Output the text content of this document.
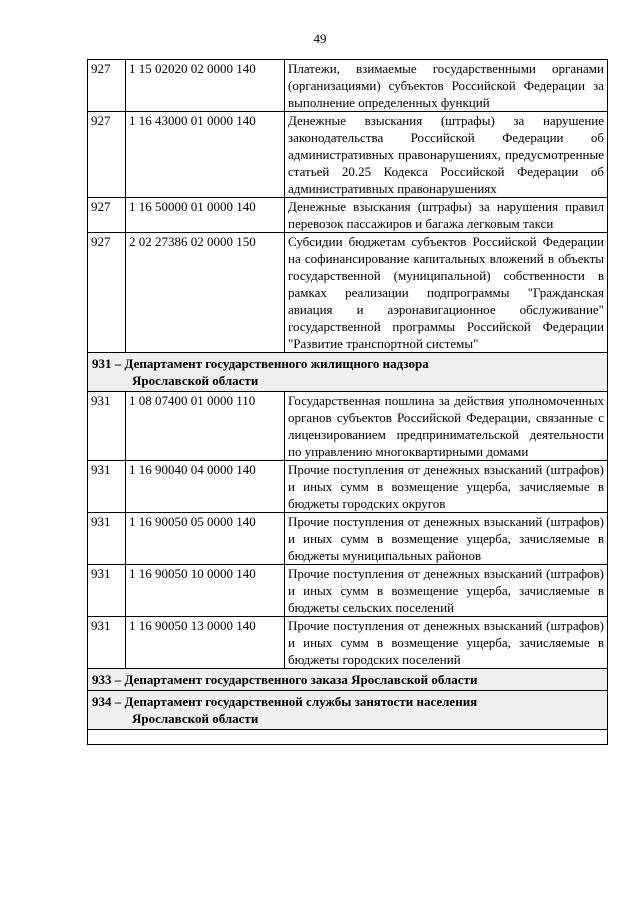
49
927	1 15 02020 02 0000 140	Платежи, взимаемые государственными органами (организациями) субъектов Российской Федерации за выполнение определенных функций
927	1 16 43000 01 0000 140	Денежные взыскания (штрафы) за нарушение законодательства Российской Федерации об административных правонарушениях, предусмотренные статьей 20.25 Кодекса Российской Федерации об административных правонарушениях
927	1 16 50000 01 0000 140	Денежные взыскания (штрафы) за нарушения правил перевозок пассажиров и багажа легковым такси
927	2 02 27386 02 0000 150	Субсидии бюджетам субъектов Российской Федерации на софинансирование капитальных вложений в объекты государственной (муниципальной) собственности в рамках реализации подпрограммы "Гражданская авиация и аэронавигационное обслуживание" государственной программы Российской Федерации "Развитие транспортной системы"
931 – Департамент государственного жилищного надзора
Ярославской области		

931	1 08 07400 01 0000 110	Государственная пошлина за действия уполномоченных органов субъектов Российской Федерации, связанные с лицензированием предпринимательской деятельности по управлению многоквартирными домами
931	1 16 90040 04 0000 140	Прочие поступления от денежных взысканий (штрафов) и иных сумм в возмещение ущерба, зачисляемые в бюджеты городских округов
931	1 16 90050 05 0000 140	Прочие поступления от денежных взысканий (штрафов) и иных сумм в возмещение ущерба, зачисляемые в бюджеты муниципальных районов
931	1 16 90050 10 0000 140	Прочие поступления от денежных взысканий (штрафов) и иных сумм в возмещение ущерба, зачисляемые в бюджеты сельских поселений
931	1 16 90050 13 0000 140	Прочие поступления от денежных взысканий (штрафов) и иных сумм в возмещение ущерба, зачисляемые в бюджеты городских поселений
933 – Департамент государственного заказа Ярославской области		
934 – Департамент государственной службы занятости населения
Ярославской области		
